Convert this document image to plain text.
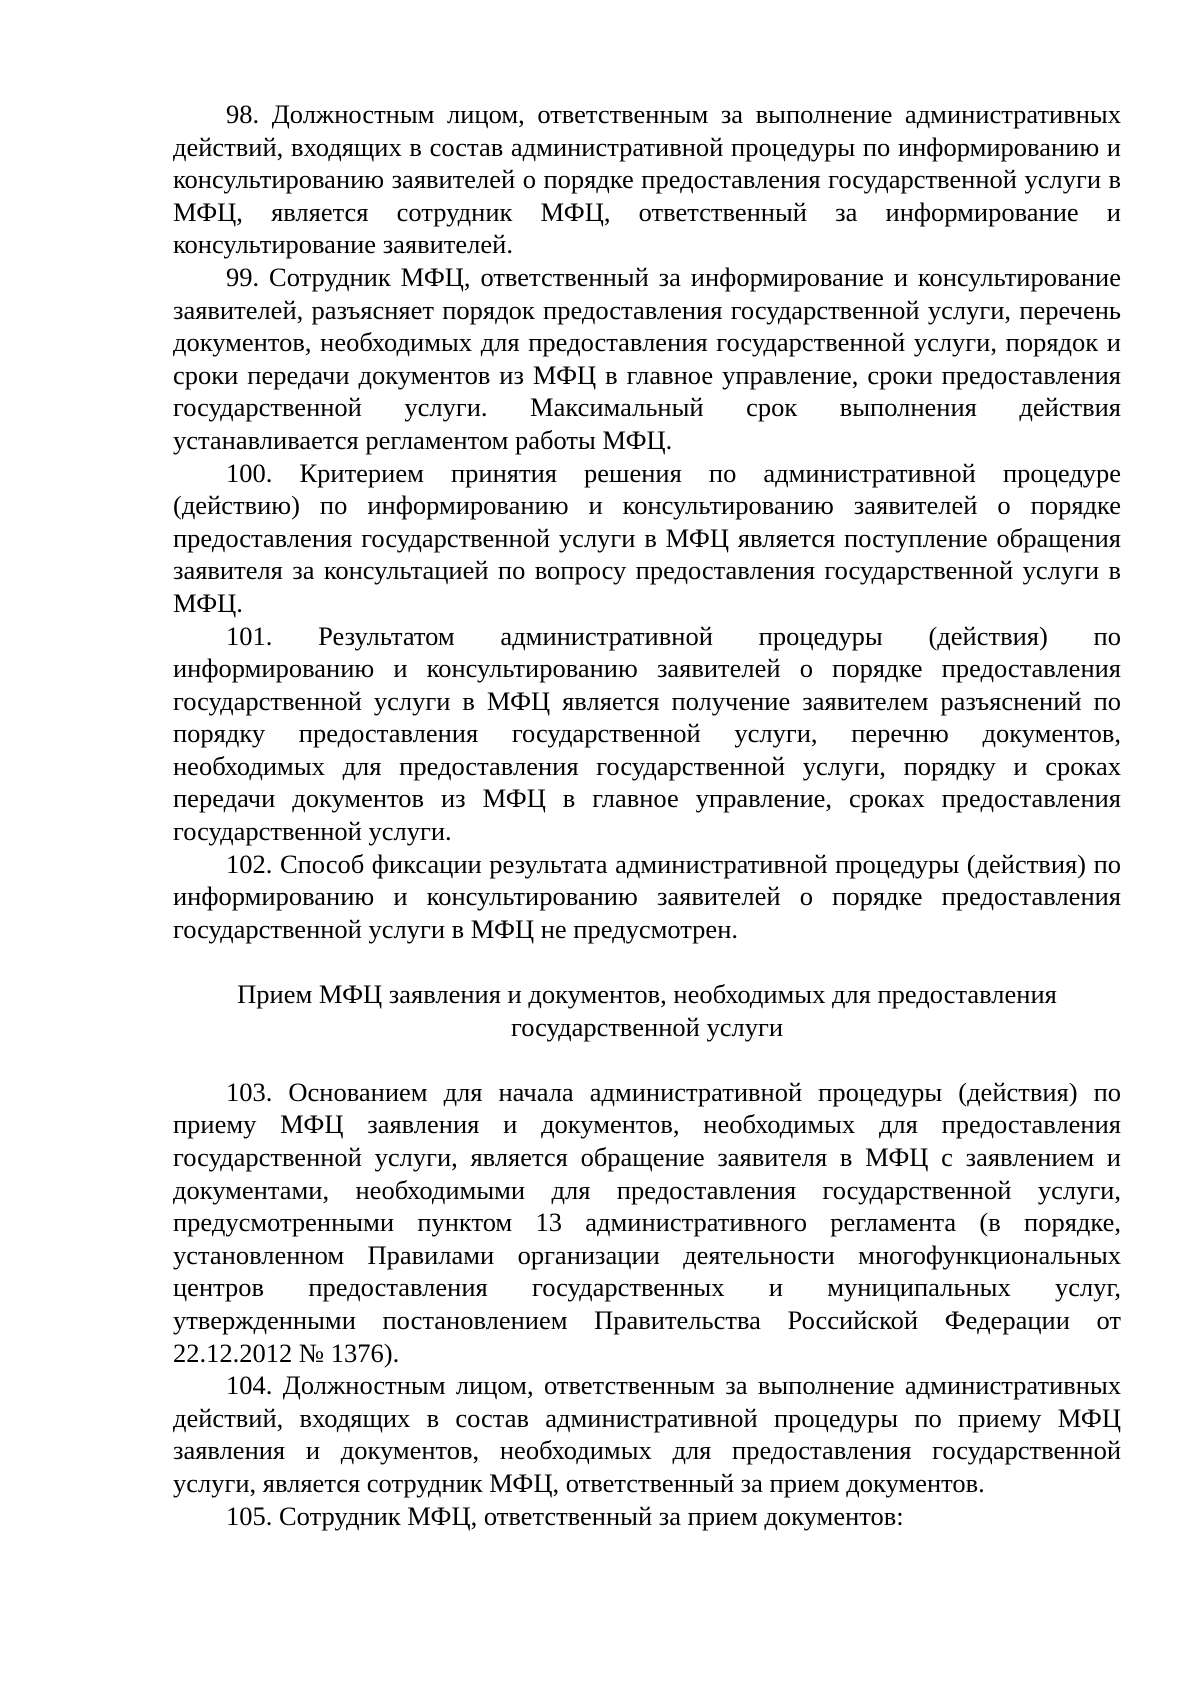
98. Должностным лицом, ответственным за выполнение административных действий, входящих в состав административной процедуры по информированию и консультированию заявителей о порядке предоставления государственной услуги в МФЦ, является сотрудник МФЦ, ответственный за информирование и консультирование заявителей.

99. Сотрудник МФЦ, ответственный за информирование и консультирование заявителей, разъясняет порядок предоставления государственной услуги, перечень документов, необходимых для предоставления государственной услуги, порядок и сроки передачи документов из МФЦ в главное управление, сроки предоставления государственной услуги. Максимальный срок выполнения действия устанавливается регламентом работы МФЦ.

100. Критерием принятия решения по административной процедуре (действию) по информированию и консультированию заявителей о порядке предоставления государственной услуги в МФЦ является поступление обращения заявителя за консультацией по вопросу предоставления государственной услуги в МФЦ.

101. Результатом административной процедуры (действия) по информированию и консультированию заявителей о порядке предоставления государственной услуги в МФЦ является получение заявителем разъяснений по порядку предоставления государственной услуги, перечню документов, необходимых для предоставления государственной услуги, порядку и сроках передачи документов из МФЦ в главное управление, сроках предоставления государственной услуги.

102. Способ фиксации результата административной процедуры (действия) по информированию и консультированию заявителей о порядке предоставления государственной услуги в МФЦ не предусмотрен.

Прием МФЦ заявления и документов, необходимых для предоставления
государственной услуги

103. Основанием для начала административной процедуры (действия) по приему МФЦ заявления и документов, необходимых для предоставления государственной услуги, является обращение заявителя в МФЦ с заявлением и документами, необходимыми для предоставления государственной услуги, предусмотренными пунктом 13 административного регламента (в порядке, установленном Правилами организации деятельности многофункциональных центров предоставления государственных и муниципальных услуг, утвержденными постановлением Правительства Российской Федерации от 22.12.2012 № 1376).

104. Должностным лицом, ответственным за выполнение административных действий, входящих в состав административной процедуры по приему МФЦ заявления и документов, необходимых для предоставления государственной услуги, является сотрудник МФЦ, ответственный за прием документов.

105. Сотрудник МФЦ, ответственный за прием документов:
